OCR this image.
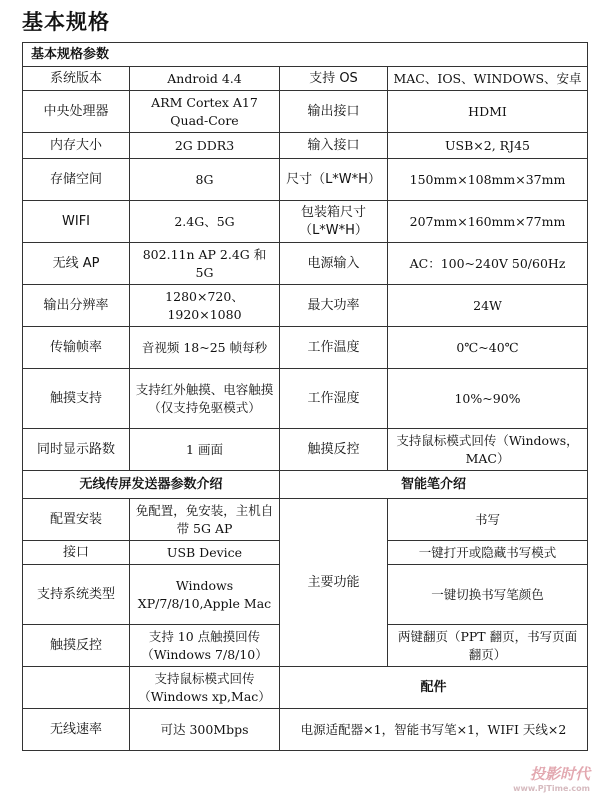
基本规格
基本规格参数			
系统版本	Android 4.4	支持 OS	MAC、IOS、WINDOWS、安卓
中央处理器	ARM Cortex A17 Quad-Core	输出接口	HDMI
内存大小	2G DDR3	输入接口	USB×2, RJ45
存储空间	8G	尺寸（L*W*H）	150mm×108mm×37mm
WIFI	2.4G、5G	包装箱尺寸（L*W*H）	207mm×160mm×77mm
无线 AP	802.11n AP 2.4G 和 5G	电源输入	AC：100~240V 50/60Hz
输出分辨率	1280×720、1920×1080	最大功率	24W
传输帧率	音视频 18~25 帧每秒	工作温度	0℃~40℃
触摸支持	支持红外触摸、电容触摸（仅支持免驱模式）	工作湿度	10%~90%
同时显示路数	1 画面	触摸反控	支持鼠标模式回传（Windows，MAC）
无线传屏发送器参数介绍		智能笔介绍	
配置安装	免配置，免安装，主机自带 5G AP	主要功能	书写
接口	USB Device		一键打开或隐藏书写模式
支持系统类型	Windows XP/7/8/10,Apple Mac		一键切换书写笔颜色
触摸反控	支持 10 点触摸回传（Windows 7/8/10）		两键翻页（PPT 翻页，书写页面翻页）
	支持鼠标模式回传（Windows xp,Mac）	配件	
无线速率	可达 300Mbps	电源适配器×1，智能书写笔×1，WIFI 天线×2	
投影时代
www.PjTime.com
